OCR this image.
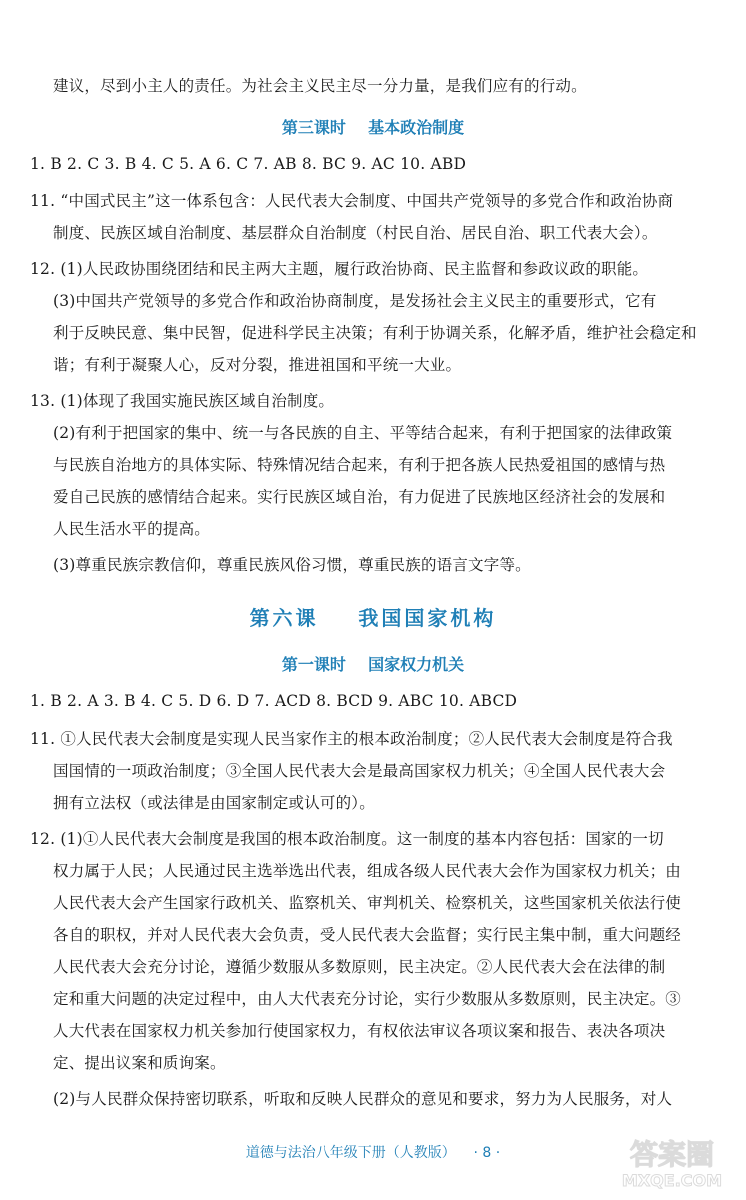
建议，尽到小主人的责任。为社会主义民主尽一分力量，是我们应有的行动。
第三课时    基本政治制度
1. B 2. C 3. B 4. C 5. A 6. C 7. AB 8. BC 9. AC 10. ABD
11. “中国式民主”这一体系包含：人民代表大会制度、中国共产党领导的多党合作和政治协商
制度、民族区域自治制度、基层群众自治制度（村民自治、居民自治、职工代表大会）。
12. (1)人民政协围绕团结和民主两大主题，履行政治协商、民主监督和参政议政的职能。
(3)中国共产党领导的多党合作和政治协商制度，是发扬社会主义民主的重要形式，它有
利于反映民意、集中民智，促进科学民主决策；有利于协调关系，化解矛盾，维护社会稳定和
谐；有利于凝聚人心，反对分裂，推进祖国和平统一大业。
13. (1)体现了我国实施民族区域自治制度。
(2)有利于把国家的集中、统一与各民族的自主、平等结合起来，有利于把国家的法律政策
与民族自治地方的具体实际、特殊情况结合起来，有利于把各族人民热爱祖国的感情与热
爱自己民族的感情结合起来。实行民族区域自治，有力促进了民族地区经济社会的发展和
人民生活水平的提高。
(3)尊重民族宗教信仰，尊重民族风俗习惯，尊重民族的语言文字等。
第六课    我国国家机构
第一课时    国家权力机关
1. B 2. A 3. B 4. C 5. D 6. D 7. ACD 8. BCD 9. ABC 10. ABCD
11. ①人民代表大会制度是实现人民当家作主的根本政治制度；②人民代表大会制度是符合我
国国情的一项政治制度；③全国人民代表大会是最高国家权力机关；④全国人民代表大会
拥有立法权（或法律是由国家制定或认可的）。
12. (1)①人民代表大会制度是我国的根本政治制度。这一制度的基本内容包括：国家的一切
权力属于人民；人民通过民主选举选出代表，组成各级人民代表大会作为国家权力机关；由
人民代表大会产生国家行政机关、监察机关、审判机关、检察机关，这些国家机关依法行使
各自的职权，并对人民代表大会负责，受人民代表大会监督；实行民主集中制，重大问题经
人民代表大会充分讨论，遵循少数服从多数原则，民主决定。②人民代表大会在法律的制
定和重大问题的决定过程中，由人大代表充分讨论，实行少数服从多数原则，民主决定。③
人大代表在国家权力机关参加行使国家权力，有权依法审议各项议案和报告、表决各项决
定、提出议案和质询案。
(2)与人民群众保持密切联系，听取和反映人民群众的意见和要求，努力为人民服务，对人
道德与法治八年级下册（人教版）    · 8 ·	答案圈
MXQE.COM
